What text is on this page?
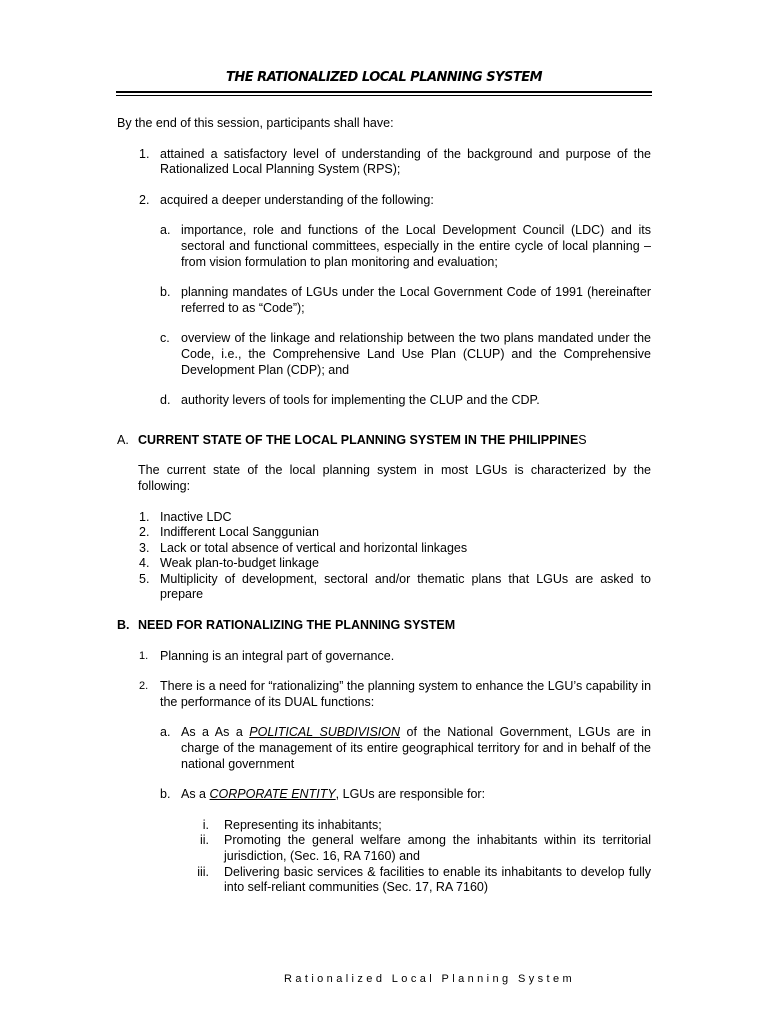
THE RATIONALIZED LOCAL PLANNING SYSTEM

By the end of this session, participants shall have:

1. attained a satisfactory level of understanding of the background and purpose of the Rationalized Local Planning System (RPS);
2. acquired a deeper understanding of the following:
a. importance, role and functions of the Local Development Council (LDC) and its sectoral and functional committees, especially in the entire cycle of local planning – from vision formulation to plan monitoring and evaluation;
b. planning mandates of LGUs under the Local Government Code of 1991 (hereinafter referred to as “Code”);
c. overview of the linkage and relationship between the two plans mandated under the Code, i.e., the Comprehensive Land Use Plan (CLUP) and the Comprehensive Development Plan (CDP); and
d. authority levers of tools for implementing the CLUP and the CDP.
A. CURRENT STATE OF THE LOCAL PLANNING SYSTEM IN THE PHILIPPINES

The current state of the local planning system in most LGUs is characterized by the following:

1. Inactive LDC
2. Indifferent Local Sanggunian
3. Lack or total absence of vertical and horizontal linkages
4. Weak plan-to-budget linkage
5. Multiplicity of development, sectoral and/or thematic plans that LGUs are asked to prepare
B. NEED FOR RATIONALIZING THE PLANNING SYSTEM
1. Planning is an integral part of governance.
2. There is a need for “rationalizing” the planning system to enhance the LGU’s capability in the performance of its DUAL functions:
a. As a As a POLITICAL SUBDIVISION of the National Government, LGUs are in charge of the management of its entire geographical territory for and in behalf of the national government
b. As a CORPORATE ENTITY, LGUs are responsible for:
i. Representing its inhabitants;
ii. Promoting the general welfare among the inhabitants within its territorial jurisdiction, (Sec. 16, RA 7160) and
iii. Delivering basic services & facilities to enable its inhabitants to develop fully into self-reliant communities (Sec. 17, RA 7160)
Rationalized Local Planning System
